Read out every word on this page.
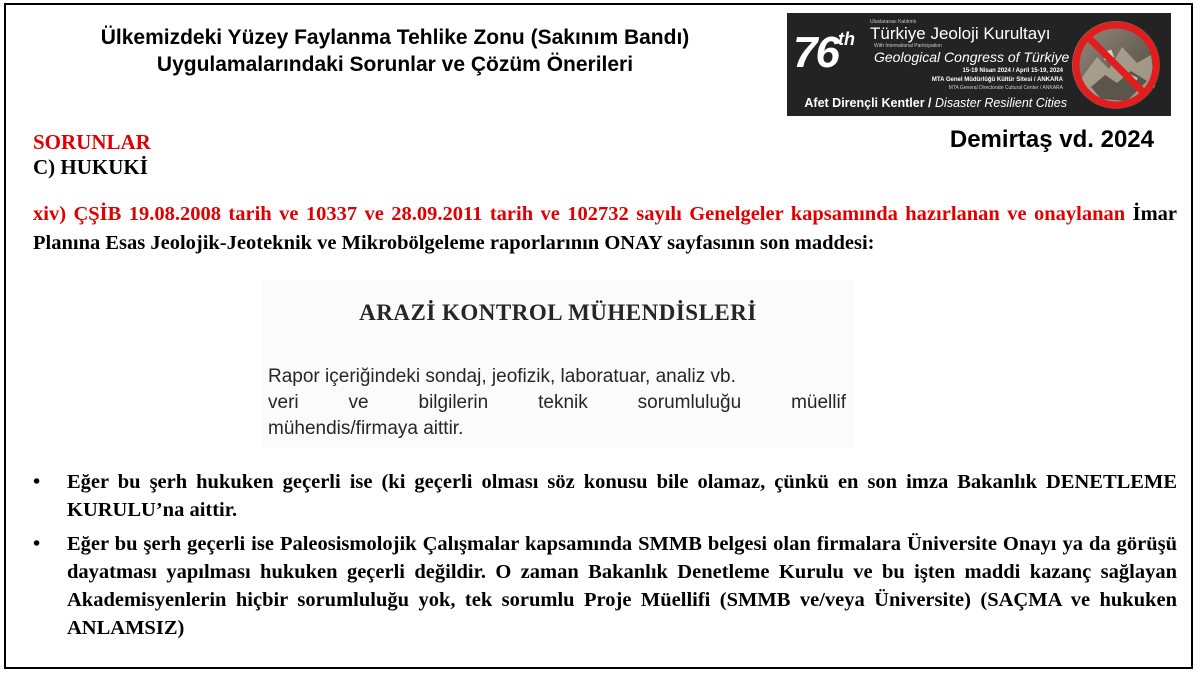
Ülkemizdeki Yüzey Faylanma Tehlike Zonu (Sakınım Bandı)
Uygulamalarındaki Sorunlar ve Çözüm Önerileri	76th
Uluslararası Katılımlı
Türkiye Jeoloji Kurultayı
With International Participation
Geological Congress of Türkiye
15-19 Nisan 2024 / April 15-19, 2024
MTA Genel Müdürlüğü Kültür Sitesi / ANKARA
MTA General Directorate Cultural Center / ANKARA
Afet Dirençli Kentler / Disaster Resilient Cities
Demirtaş vd. 2024
SORUNLAR
C) HUKUKİ
xiv) ÇŞİB 19.08.2008 tarih ve 10337 ve 28.09.2011 tarih ve 102732 sayılı Genelgeler kapsamında hazırlanan ve onaylanan İmar Planına Esas Jeolojik-Jeoteknik ve Mikrobölgeleme raporlarının ONAY sayfasının son maddesi:
ARAZİ KONTROL MÜHENDİSLERİ
Rapor içeriğindeki sondaj, jeofizik, laboratuar, analiz vb.
veri	ve	bilgilerin	teknik	sorumluluğu	müellif
mühendis/firmaya aittir.
• Eğer bu şerh hukuken geçerli ise (ki geçerli olması söz konusu bile olamaz, çünkü en son imza Bakanlık DENETLEME KURULU’na aittir.
• Eğer bu şerh geçerli ise Paleosismolojik Çalışmalar kapsamında SMMB belgesi olan firmalara Üniversite Onayı ya da görüşü dayatması yapılması hukuken geçerli değildir. O zaman Bakanlık Denetleme Kurulu ve bu işten maddi kazanç sağlayan Akademisyenlerin hiçbir sorumluluğu yok, tek sorumlu Proje Müellifi (SMMB ve/veya Üniversite) (SAÇMA ve hukuken ANLAMSIZ)
